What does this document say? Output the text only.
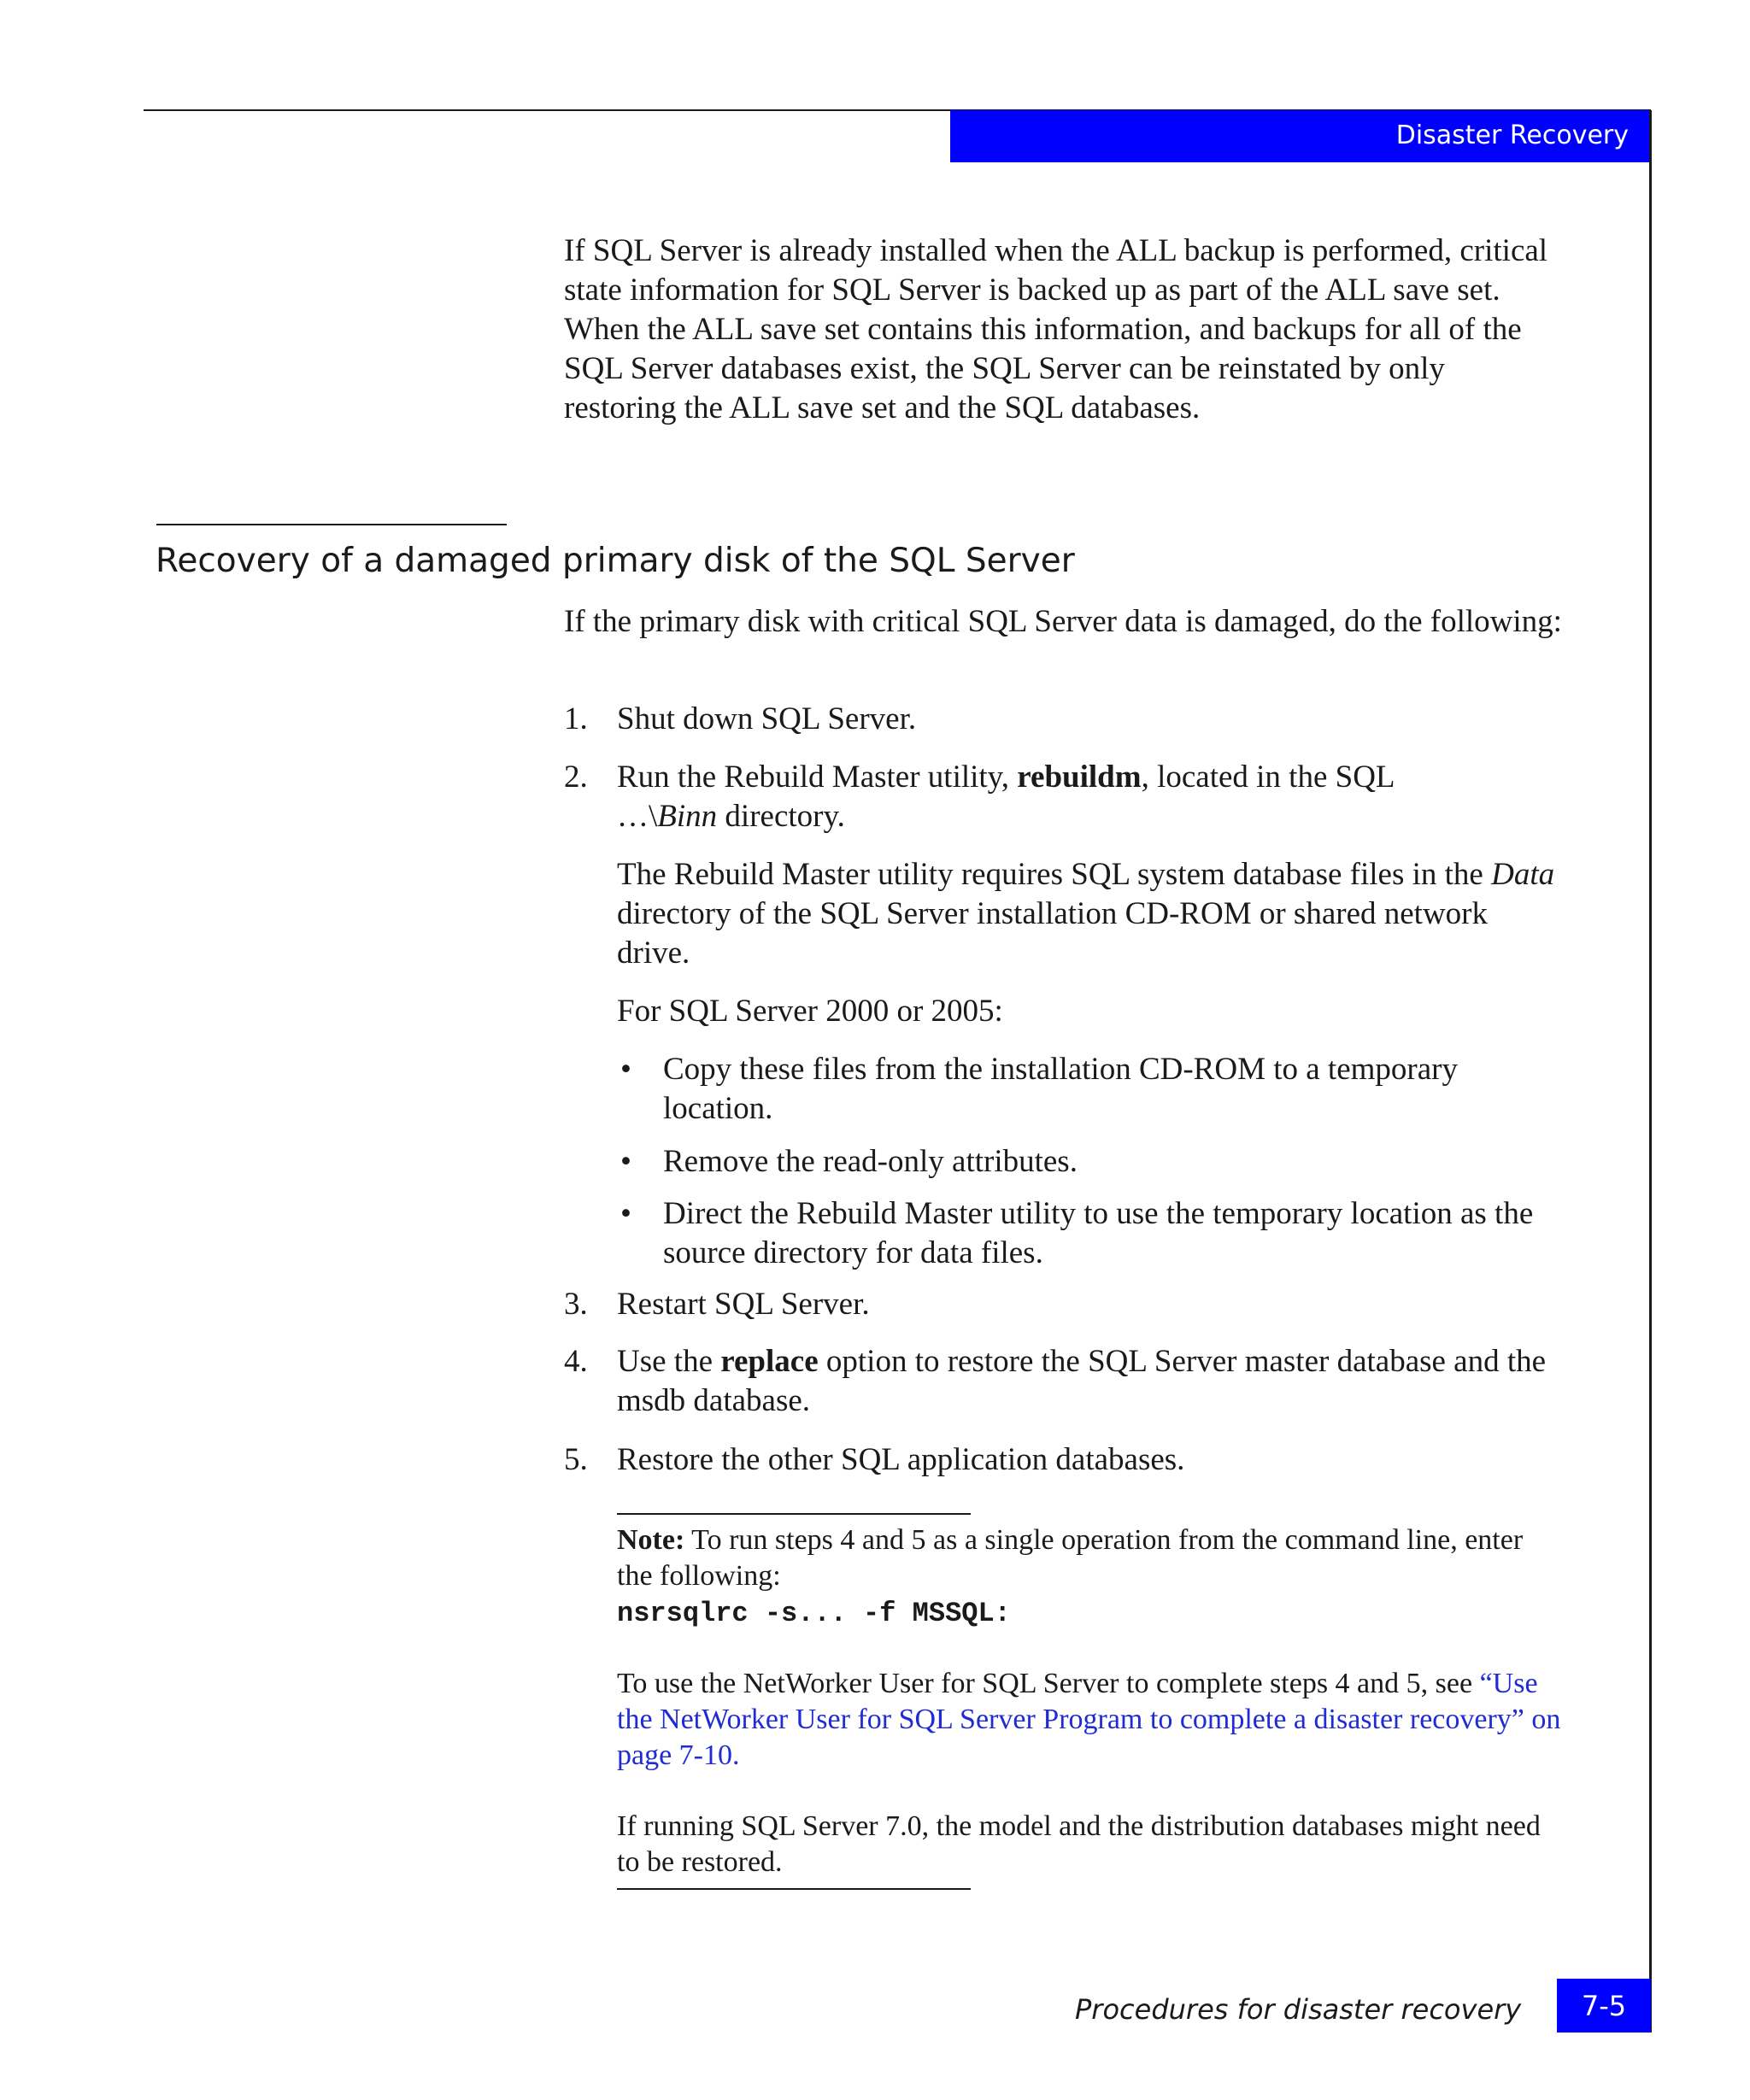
Disaster Recovery

If SQL Server is already installed when the ALL backup is performed, critical state information for SQL Server is backed up as part of the ALL save set. When the ALL save set contains this information, and backups for all of the SQL Server databases exist, the SQL Server can be reinstated by only restoring the ALL save set and the SQL databases.

Recovery of a damaged primary disk of the SQL Server

If the primary disk with critical SQL Server data is damaged, do the following:

1. Shut down SQL Server.
2. Run the Rebuild Master utility, rebuildm, located in the SQL
…\Binn directory.

The Rebuild Master utility requires SQL system database files in the Data directory of the SQL Server installation CD-ROM or shared network drive.

For SQL Server 2000 or 2005:

• Copy these files from the installation CD-ROM to a temporary location.
• Remove the read-only attributes.
• Direct the Rebuild Master utility to use the temporary location as the source directory for data files.
3. Restart SQL Server.
4. Use the replace option to restore the SQL Server master database and the msdb database.
5. Restore the other SQL application databases.

Note: To run steps 4 and 5 as a single operation from the command line, enter the following:

nsrsqlrc -s... -f MSSQL:

To use the NetWorker User for SQL Server to complete steps 4 and 5, see “Use the NetWorker User for SQL Server Program to complete a disaster recovery” on page 7-10.

If running SQL Server 7.0, the model and the distribution databases might need to be restored.

Procedures for disaster recovery	7-5
